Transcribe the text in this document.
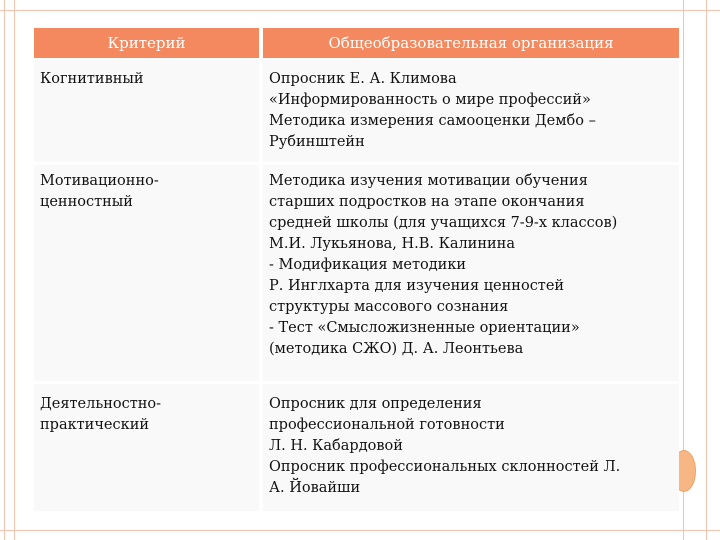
Критерий	Общеобразовательная организация
Когнитивный	Опросник Е. А. Климова
«Информированность о мире профессий»
Методика измерения самооценки Дембо –
Рубинштейн
Мотивационно-
ценностный
Методика изучения мотивации обучения
старших подростков на этапе окончания
средней школы (для учащихся 7-9-х классов)
М.И. Лукьянова, Н.В. Калинина
- Модификация методики
Р. Инглхарта для изучения ценностей
структуры массового сознания
- Тест «Смысложизненные ориентации»
(методика СЖО) Д. А. Леонтьева
Деятельностно-
практический
Опросник для определения
профессиональной готовности
Л. Н. Кабардовой
Опросник профессиональных склонностей Л.
А. Йовайши
